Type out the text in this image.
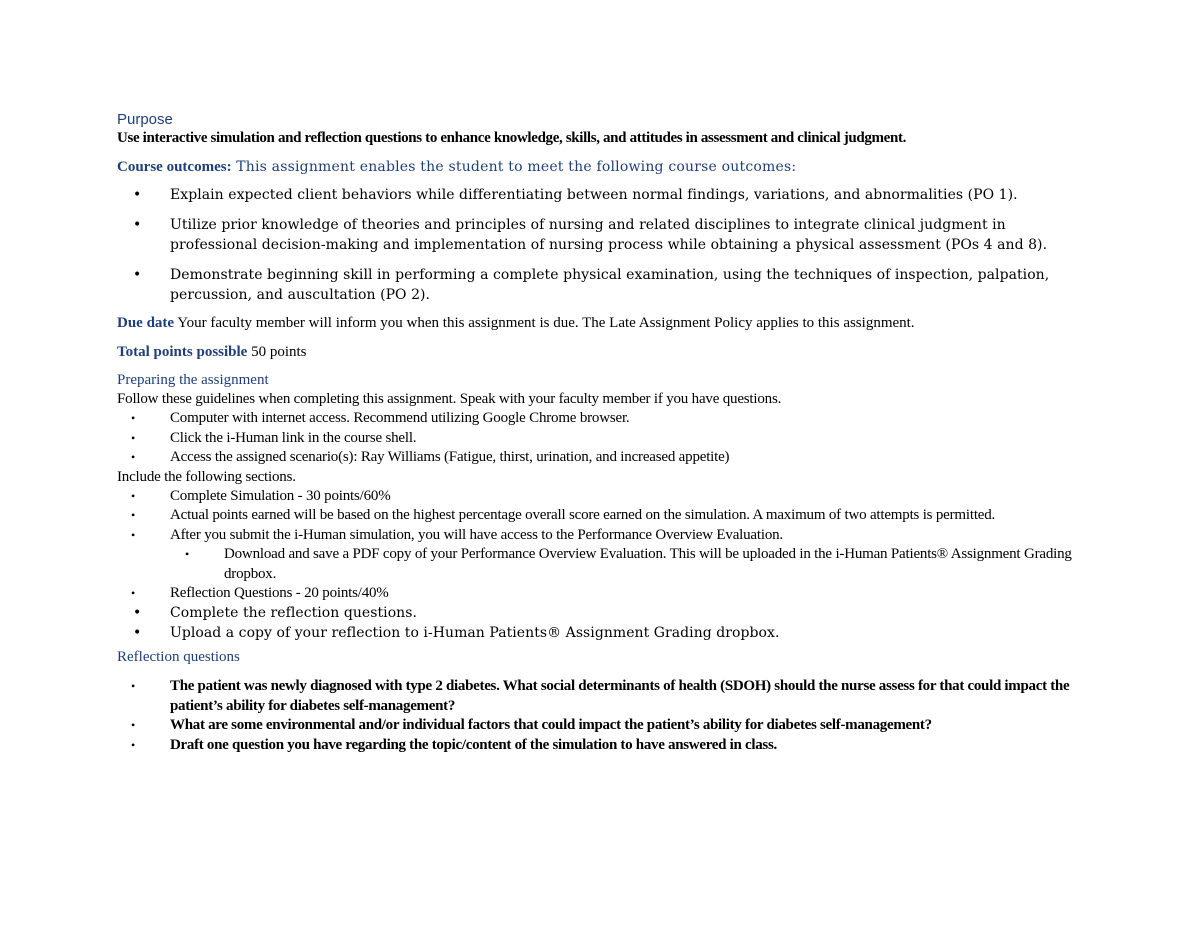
Purpose
Use interactive simulation and reflection questions to enhance knowledge, skills, and attitudes in assessment and clinical judgment.
Course outcomes: This assignment enables the student to meet the following course outcomes:
• Explain expected client behaviors while differentiating between normal findings, variations, and abnormalities (PO 1).
• Utilize prior knowledge of theories and principles of nursing and related disciplines to integrate clinical judgment in professional decision-making and implementation of nursing process while obtaining a physical assessment (POs 4 and 8).
• Demonstrate beginning skill in performing a complete physical examination, using the techniques of inspection, palpation, percussion, and auscultation (PO 2).
Due date Your faculty member will inform you when this assignment is due. The Late Assignment Policy applies to this assignment.
Total points possible 50 points
Preparing the assignment
Follow these guidelines when completing this assignment. Speak with your faculty member if you have questions.
• Computer with internet access. Recommend utilizing Google Chrome browser.
• Click the i-Human link in the course shell.
• Access the assigned scenario(s): Ray Williams (Fatigue, thirst, urination, and increased appetite)
Include the following sections.
• Complete Simulation - 30 points/60%
• Actual points earned will be based on the highest percentage overall score earned on the simulation. A maximum of two attempts is permitted.
• After you submit the i-Human simulation, you will have access to the Performance Overview Evaluation.
• Download and save a PDF copy of your Performance Overview Evaluation. This will be uploaded in the i-Human Patients® Assignment Grading dropbox.
• Reflection Questions - 20 points/40%
• Complete the reflection questions.
• Upload a copy of your reflection to i-Human Patients® Assignment Grading dropbox.
Reflection questions
• The patient was newly diagnosed with type 2 diabetes. What social determinants of health (SDOH) should the nurse assess for that could impact the patient’s ability for diabetes self-management?
• What are some environmental and/or individual factors that could impact the patient’s ability for diabetes self-management?
• Draft one question you have regarding the topic/content of the simulation to have answered in class.
